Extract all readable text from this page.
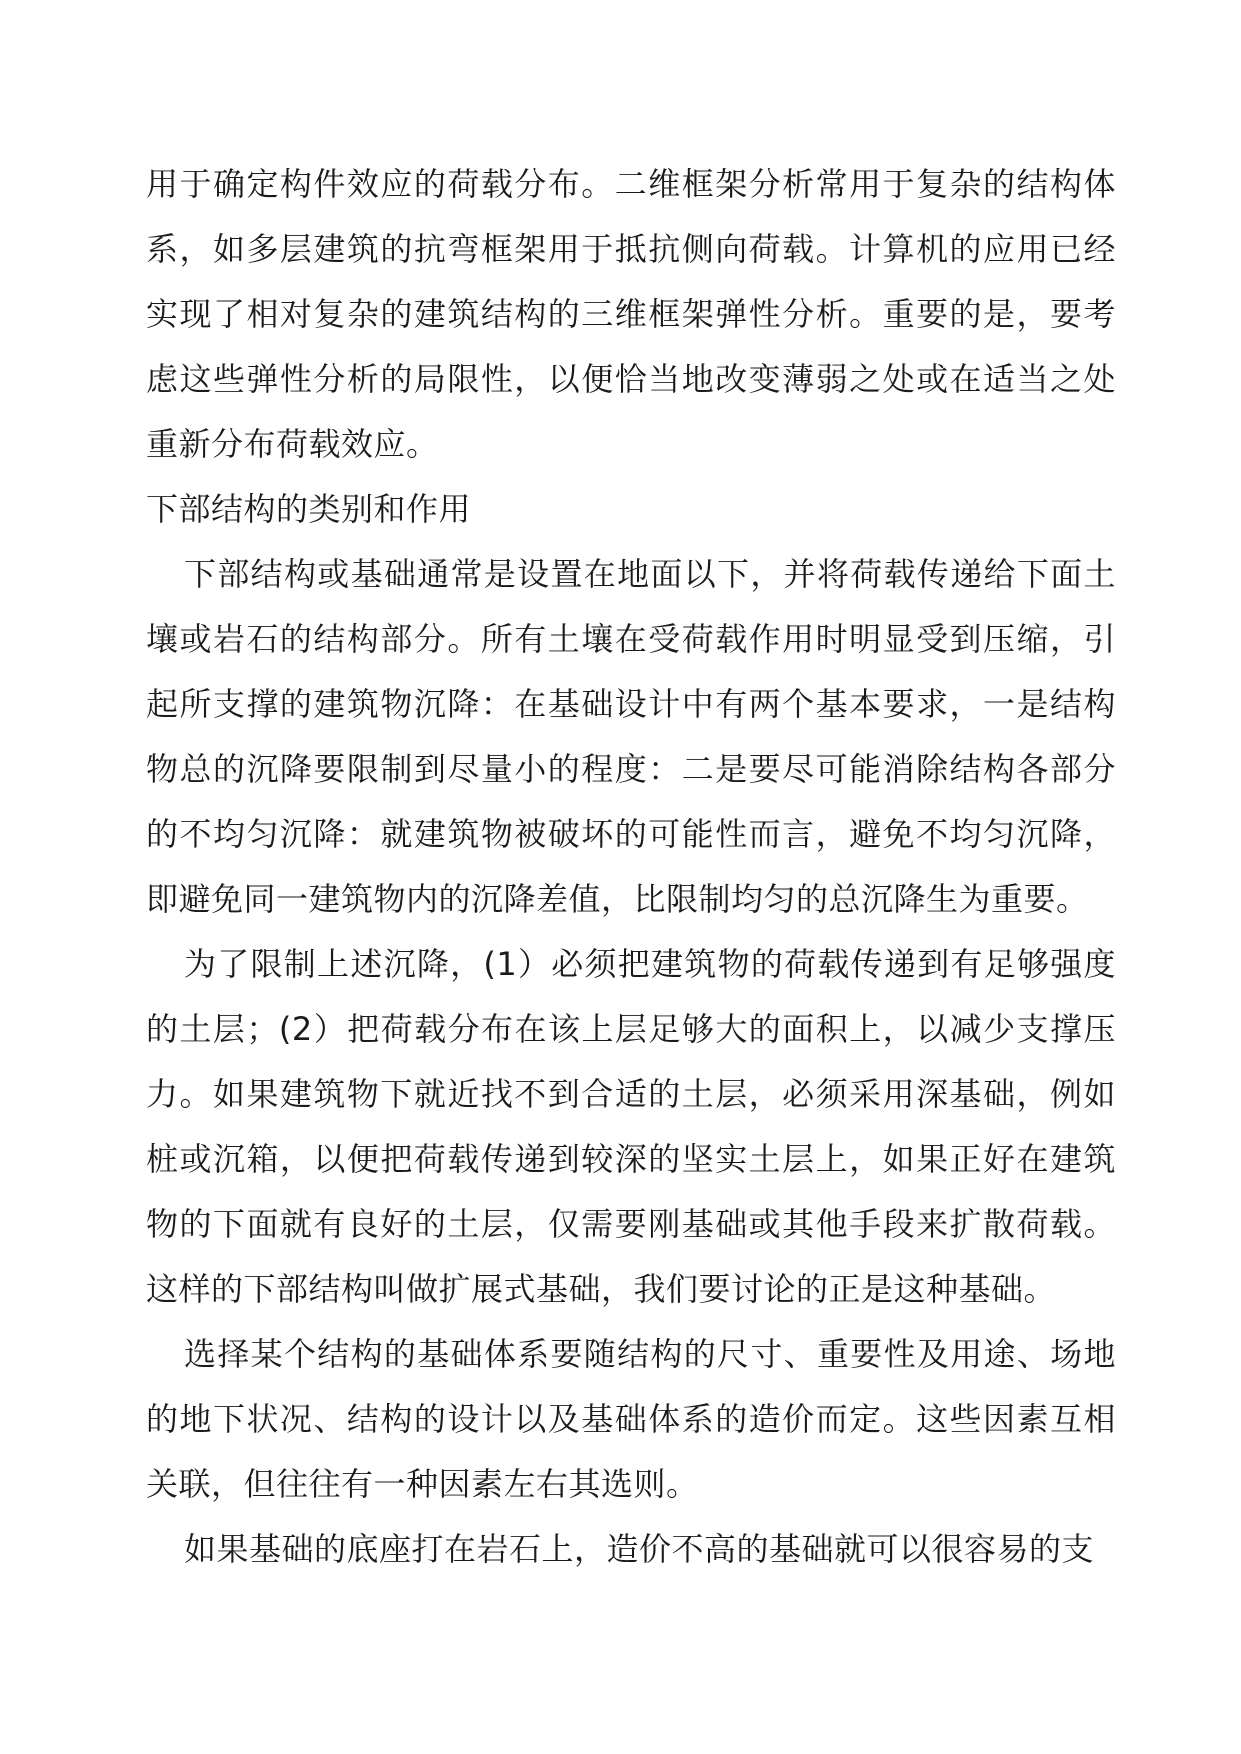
用于确定构件效应的荷载分布。二维框架分析常用于复杂的结构体系，如多层建筑的抗弯框架用于抵抗侧向荷载。计算机的应用已经实现了相对复杂的建筑结构的三维框架弹性分析。重要的是，要考虑这些弹性分析的局限性，以便恰当地改变薄弱之处或在适当之处重新分布荷载效应。

下部结构的类别和作用

下部结构或基础通常是设置在地面以下，并将荷载传递给下面土壤或岩石的结构部分。所有土壤在受荷载作用时明显受到压缩，引起所支撑的建筑物沉降：在基础设计中有两个基本要求，一是结构物总的沉降要限制到尽量小的程度：二是要尽可能消除结构各部分的不均匀沉降：就建筑物被破坏的可能性而言，避免不均匀沉降，即避免同一建筑物内的沉降差值，比限制均匀的总沉降生为重要。

为了限制上述沉降，(1）必须把建筑物的荷载传递到有足够强度的土层；(2）把荷载分布在该上层足够大的面积上，以减少支撑压力。如果建筑物下就近找不到合适的土层，必须采用深基础，例如桩或沉箱，以便把荷载传递到较深的坚实土层上，如果正好在建筑物的下面就有良好的土层，仅需要刚基础或其他手段来扩散荷载。这样的下部结构叫做扩展式基础，我们要讨论的正是这种基础。

选择某个结构的基础体系要随结构的尺寸、重要性及用途、场地的地下状况、结构的设计以及基础体系的造价而定。这些因素互相关联，但往往有一种因素左右其选则。

如果基础的底座打在岩石上，造价不高的基础就可以很容易的支
